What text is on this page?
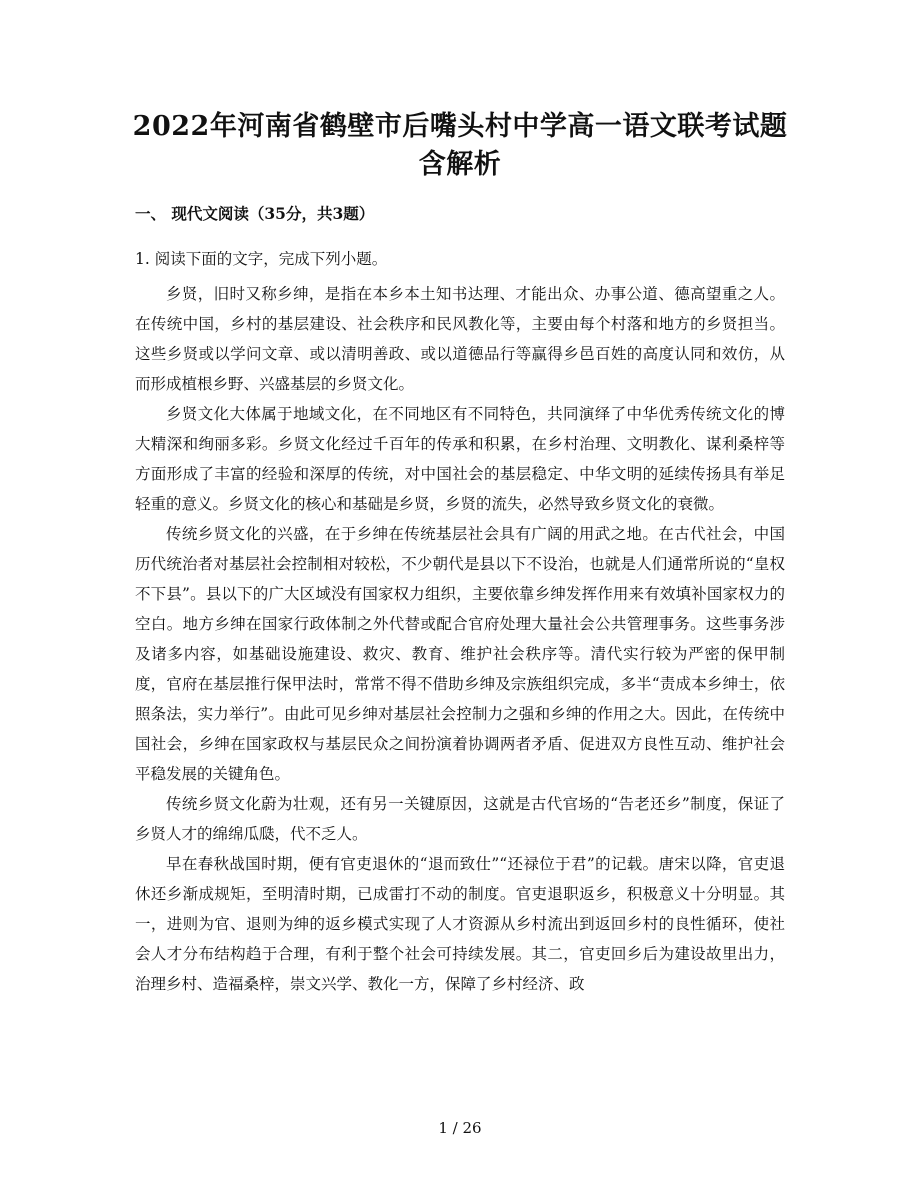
2022年河南省鹤壁市后嘴头村中学高一语文联考试题
含解析
一、 现代文阅读（35分，共3题）
1. 阅读下面的文字，完成下列小题。

乡贤，旧时又称乡绅，是指在本乡本土知书达理、才能出众、办事公道、德高望重之人。在传统中国，乡村的基层建设、社会秩序和民风教化等，主要由每个村落和地方的乡贤担当。这些乡贤或以学问文章、或以清明善政、或以道德品行等赢得乡邑百姓的高度认同和效仿，从而形成植根乡野、兴盛基层的乡贤文化。

乡贤文化大体属于地域文化，在不同地区有不同特色，共同演绎了中华优秀传统文化的博大精深和绚丽多彩。乡贤文化经过千百年的传承和积累，在乡村治理、文明教化、谋利桑梓等方面形成了丰富的经验和深厚的传统，对中国社会的基层稳定、中华文明的延续传扬具有举足轻重的意义。乡贤文化的核心和基础是乡贤，乡贤的流失，必然导致乡贤文化的衰微。

传统乡贤文化的兴盛，在于乡绅在传统基层社会具有广阔的用武之地。在古代社会，中国历代统治者对基层社会控制相对较松，不少朝代是县以下不设治，也就是人们通常所说的“皇权不下县”。县以下的广大区域没有国家权力组织，主要依靠乡绅发挥作用来有效填补国家权力的空白。地方乡绅在国家行政体制之外代替或配合官府处理大量社会公共管理事务。这些事务涉及诸多内容，如基础设施建设、救灾、教育、维护社会秩序等。清代实行较为严密的保甲制度，官府在基层推行保甲法时，常常不得不借助乡绅及宗族组织完成，多半“责成本乡绅士，依照条法，实力举行”。由此可见乡绅对基层社会控制力之强和乡绅的作用之大。因此，在传统中国社会，乡绅在国家政权与基层民众之间扮演着协调两者矛盾、促进双方良性互动、维护社会平稳发展的关键角色。

传统乡贤文化蔚为壮观，还有另一关键原因，这就是古代官场的“告老还乡”制度，保证了乡贤人才的绵绵瓜瓞，代不乏人。

早在春秋战国时期，便有官吏退休的“退而致仕”“还禄位于君”的记载。唐宋以降，官吏退休还乡渐成规矩，至明清时期，已成雷打不动的制度。官吏退职返乡，积极意义十分明显。其一，进则为官、退则为绅的返乡模式实现了人才资源从乡村流出到返回乡村的良性循环，使社会人才分布结构趋于合理，有利于整个社会可持续发展。其二，官吏回乡后为建设故里出力，治理乡村、造福桑梓，崇文兴学、教化一方，保障了乡村经济、政

1 / 26
